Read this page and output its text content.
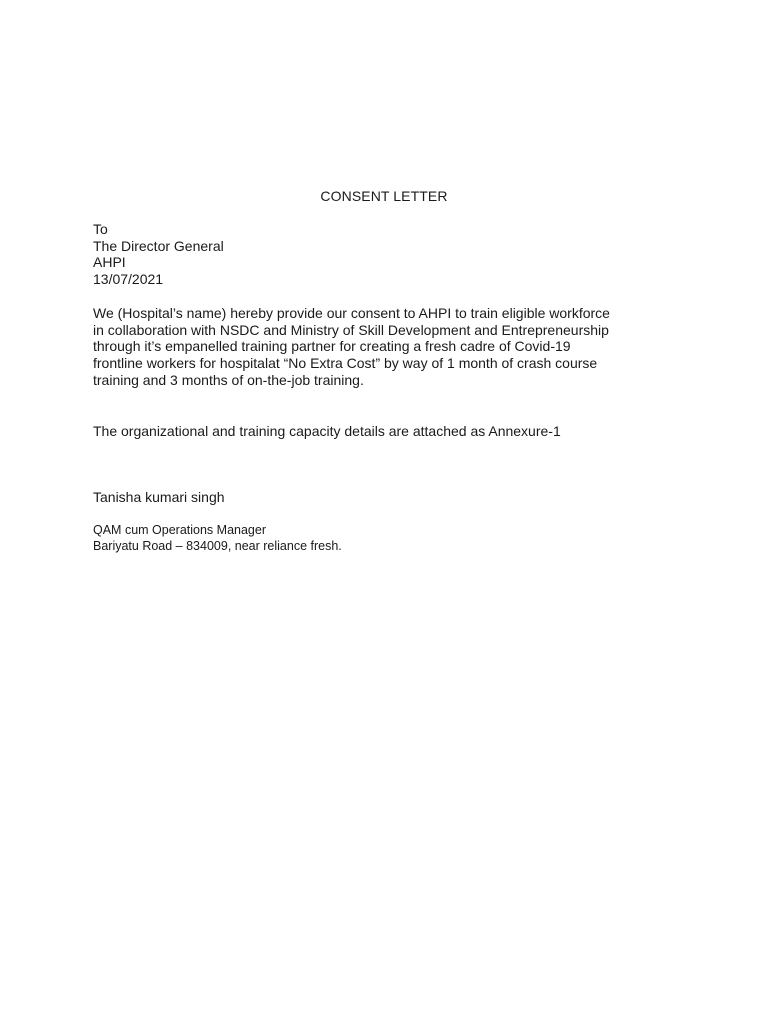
CONSENT LETTER
To
The Director General
AHPI
13/07/2021
We (Hospital’s name) hereby provide our consent to AHPI to train eligible workforce
in collaboration with NSDC and Ministry of Skill Development and Entrepreneurship
through it’s empanelled training partner for creating a fresh cadre of Covid-19
frontline workers for hospitalat “No Extra Cost” by way of 1 month of crash course
training and 3 months of on-the-job training.
The organizational and training capacity details are attached as Annexure-1
Tanisha kumari singh
QAM cum Operations Manager
Bariyatu Road – 834009, near reliance fresh.
